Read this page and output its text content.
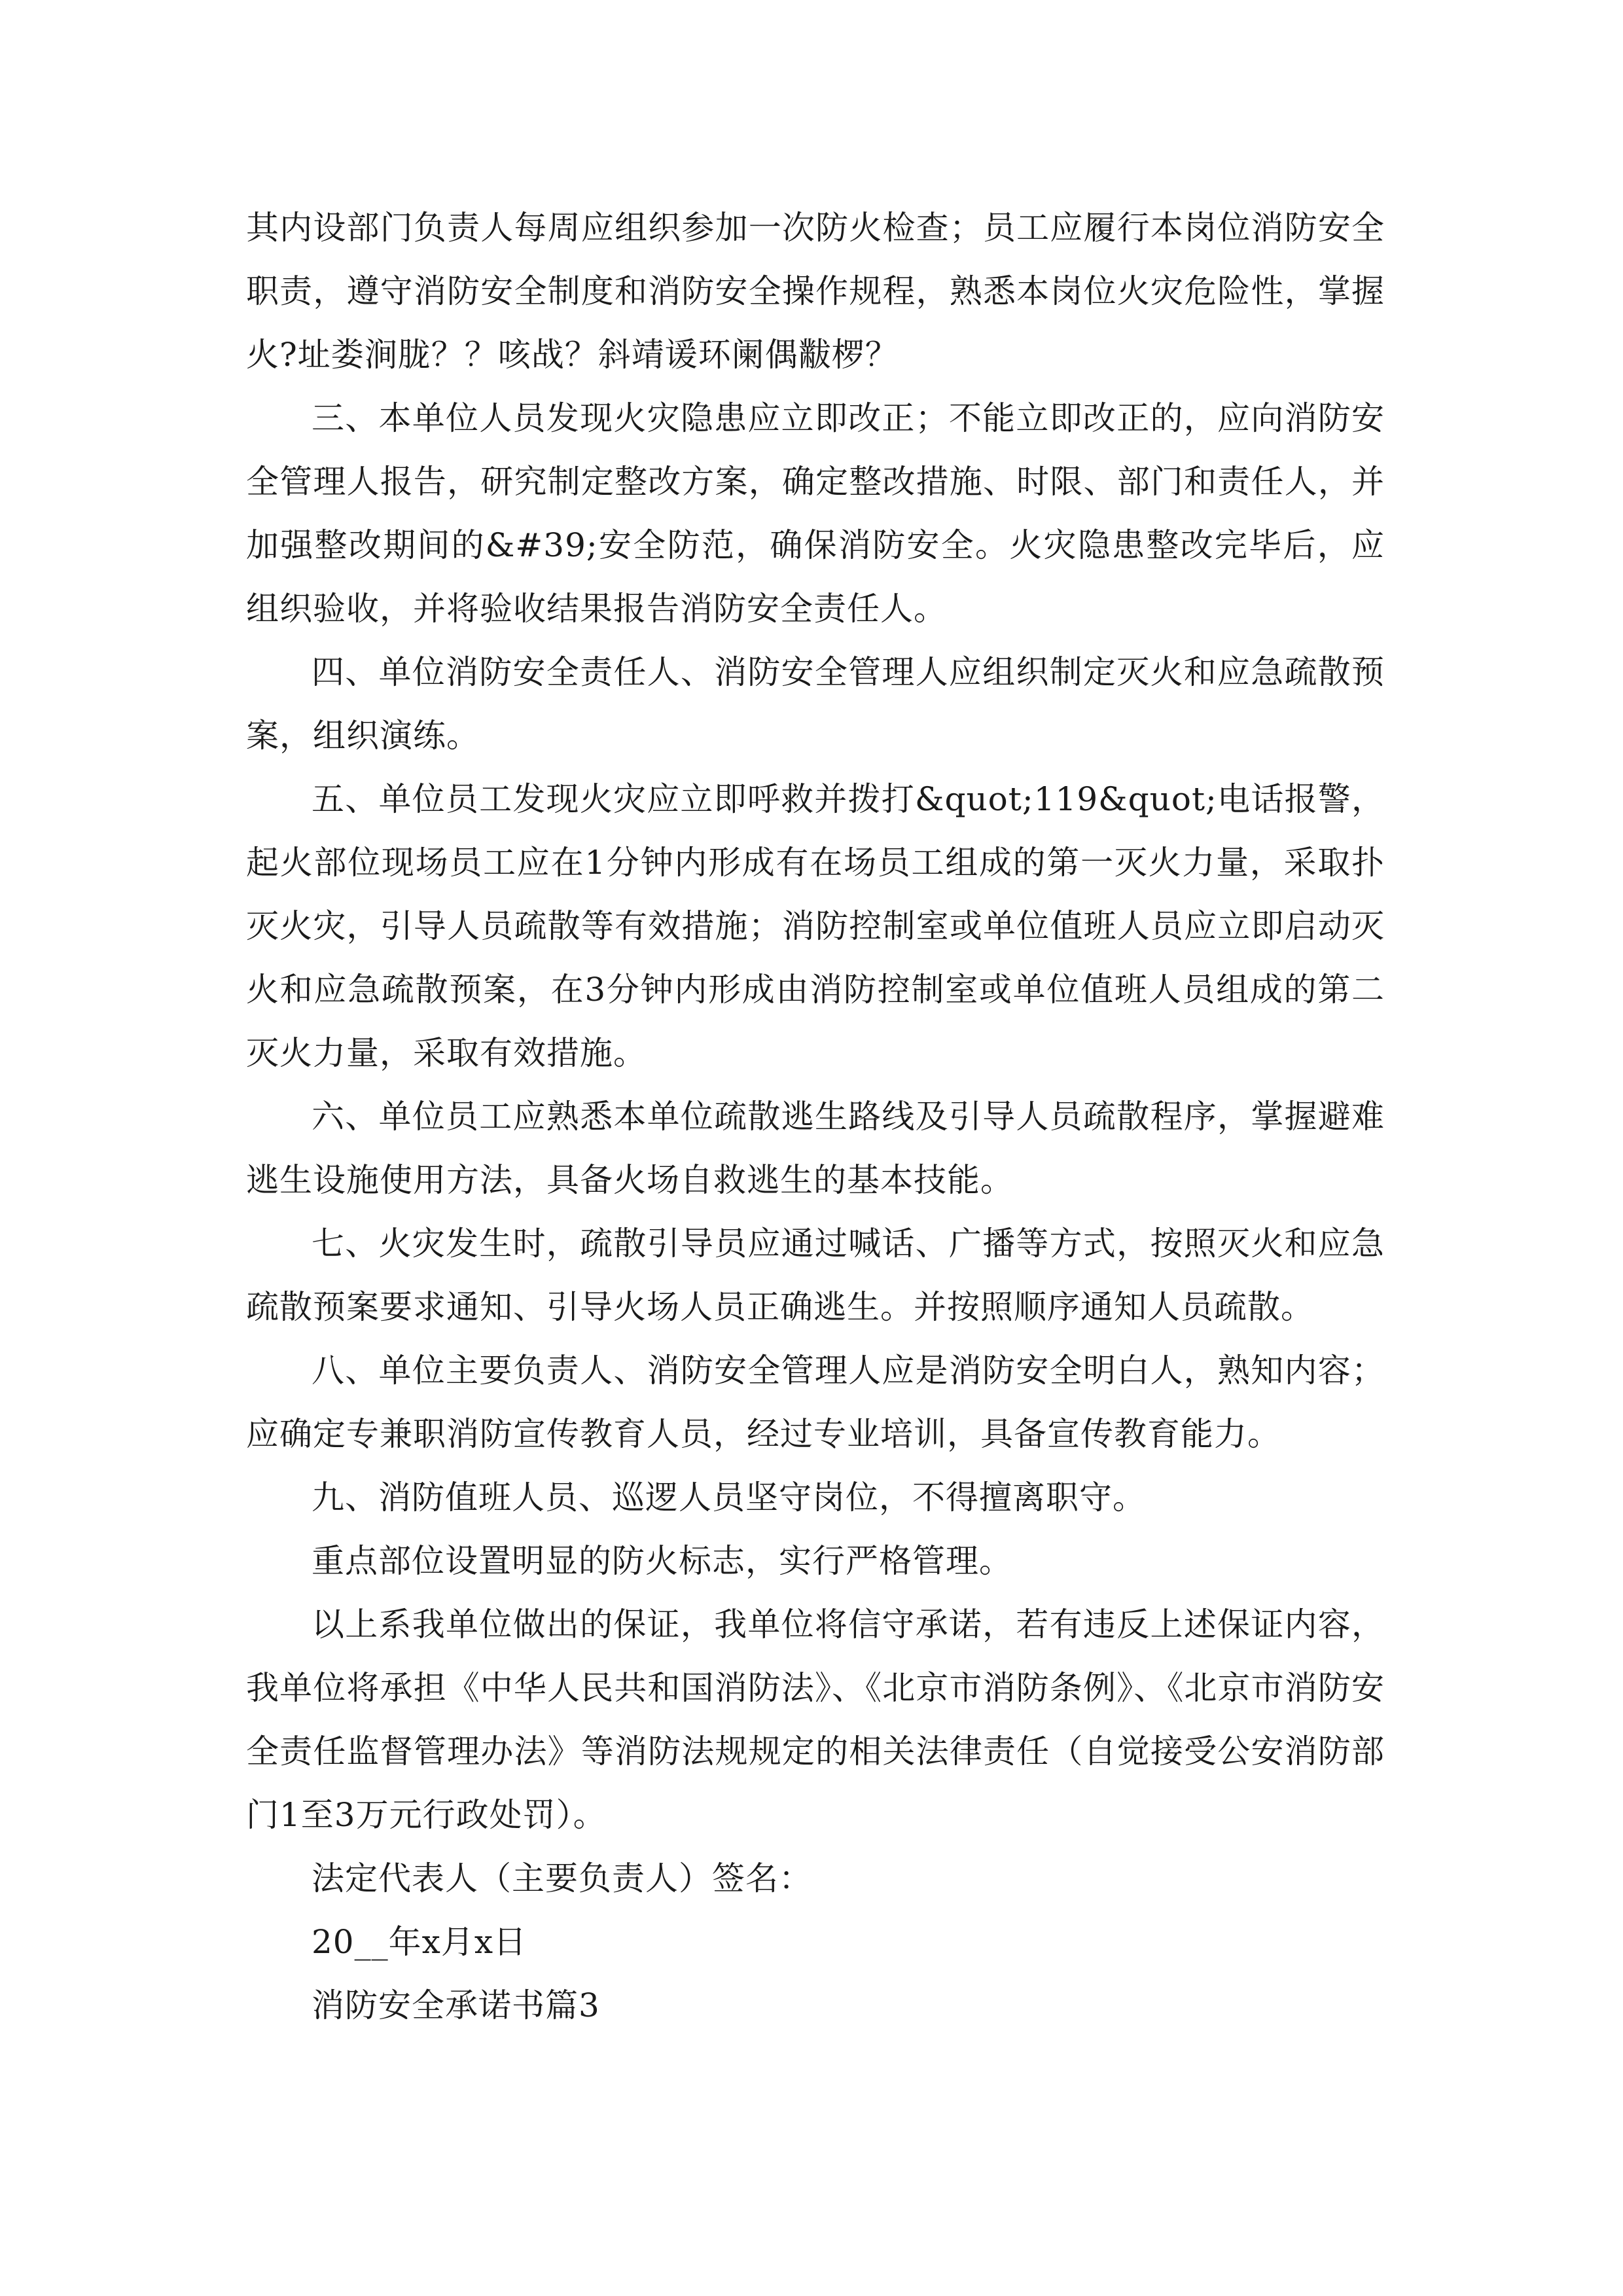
其内设部门负责人每周应组织参加一次防火检查；员工应履行本岗位消防安全职责，遵守消防安全制度和消防安全操作规程，熟悉本岗位火灾危险性，掌握火?址娄涧胧？？咳战？斜靖谖环阑偶黻椤？

三、本单位人员发现火灾隐患应立即改正；不能立即改正的，应向消防安全管理人报告，研究制定整改方案，确定整改措施、时限、部门和责任人，并加强整改期间的&#39;安全防范，确保消防安全。火灾隐患整改完毕后，应组织验收，并将验收结果报告消防安全责任人。

四、单位消防安全责任人、消防安全管理人应组织制定灭火和应急疏散预案，组织演练。

五、单位员工发现火灾应立即呼救并拨打&quot;119&quot;电话报警，起火部位现场员工应在1分钟内形成有在场员工组成的第一灭火力量，采取扑灭火灾，引导人员疏散等有效措施；消防控制室或单位值班人员应立即启动灭火和应急疏散预案，在3分钟内形成由消防控制室或单位值班人员组成的第二灭火力量，采取有效措施。

六、单位员工应熟悉本单位疏散逃生路线及引导人员疏散程序，掌握避难逃生设施使用方法，具备火场自救逃生的基本技能。

七、火灾发生时，疏散引导员应通过喊话、广播等方式，按照灭火和应急疏散预案要求通知、引导火场人员正确逃生。并按照顺序通知人员疏散。

八、单位主要负责人、消防安全管理人应是消防安全明白人，熟知内容；应确定专兼职消防宣传教育人员，经过专业培训，具备宣传教育能力。

九、消防值班人员、巡逻人员坚守岗位，不得擅离职守。

重点部位设置明显的防火标志，实行严格管理。

以上系我单位做出的保证，我单位将信守承诺，若有违反上述保证内容，我单位将承担《中华人民共和国消防法》、《北京市消防条例》、《北京市消防安全责任监督管理办法》等消防法规规定的相关法律责任（自觉接受公安消防部门1至3万元行政处罚）。

法定代表人（主要负责人）签名：

20__年x月x日

消防安全承诺书篇3
